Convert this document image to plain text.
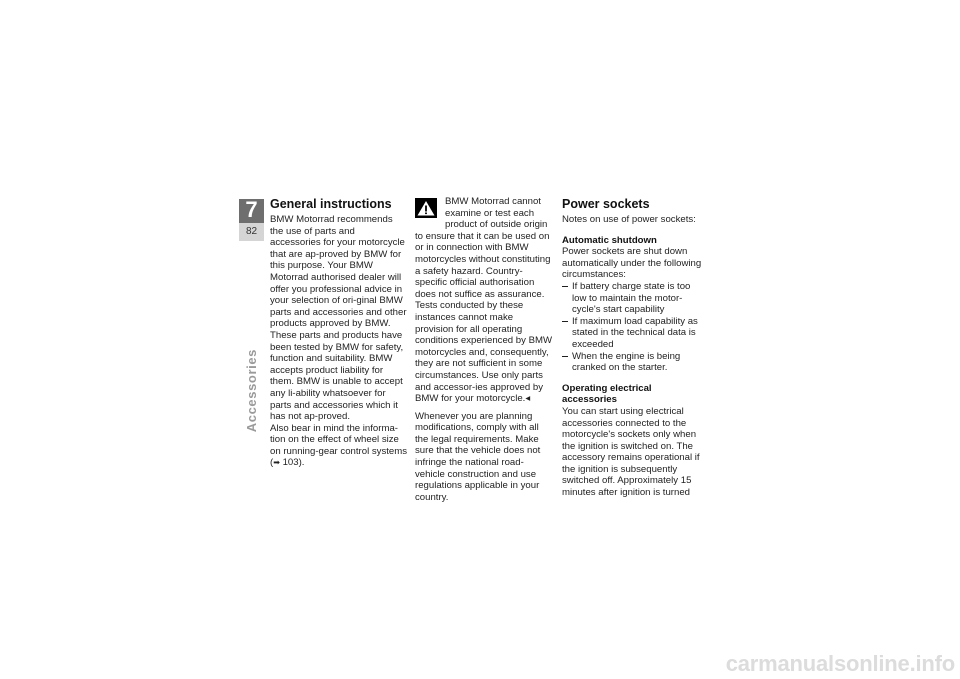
7
82
Accessories
General instructions

BMW Motorrad recommends the use of parts and accessories for your motorcycle that are ap-proved by BMW for this purpose. Your BMW Motorrad authorised dealer will offer you professional advice in your selection of ori-ginal BMW parts and accessories and other products approved by BMW.

These parts and products have been tested by BMW for safety, function and suitability. BMW accepts product liability for them. BMW is unable to accept any li-ability whatsoever for parts and accessories which it has not ap-proved.

Also bear in mind the informa-tion on the effect of wheel size on running-gear control systems (➡ 103).

BMW Motorrad cannot examine or test each product of outside origin to ensure that it can be used on or in connection with BMW motorcycles without constituting a safety hazard. Country-specific official authorisation does not suffice as assurance. Tests conducted by these instances cannot make provision for all operating conditions experienced by BMW motorcycles and, consequently, they are not sufficient in some circumstances. Use only parts and accessor-ies approved by BMW for your motorcycle.◂

Whenever you are planning modifications, comply with all the legal requirements. Make sure that the vehicle does not infringe the national road-vehicle construction and use regulations applicable in your country.

Power sockets

Notes on use of power sockets:

Automatic shutdown

Power sockets are shut down automatically under the following circumstances:

If battery charge state is too low to maintain the motor-cycle's start capability
If maximum load capability as stated in the technical data is exceeded
When the engine is being cranked on the starter.
Operating electrical accessories

You can start using electrical accessories connected to the motorcycle's sockets only when the ignition is switched on. The accessory remains operational if the ignition is subsequently switched off. Approximately 15 minutes after ignition is turned

carmanualsonline.info
